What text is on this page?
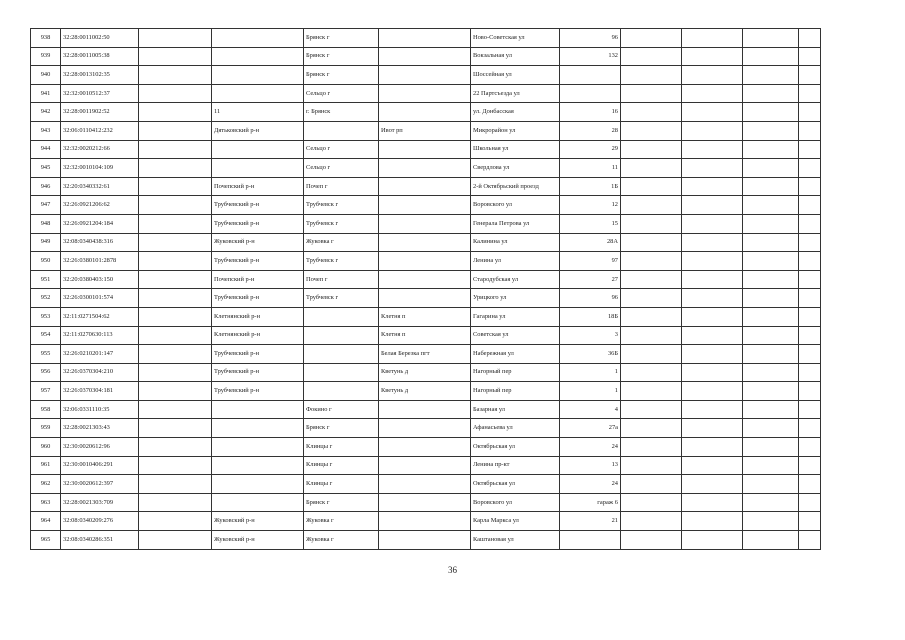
938	32:28:0011002:50			Брянск г		Ново-Советская ул	96				
939	32:28:0011005:38			Брянск г		Вокзальная ул	132				
940	32:28:0013102:35			Брянск г		Шоссейная ул					
941	32:32:0010512:37			Сельцо г		22 Партсъезда ул					
942	32:28:0011902:52		11	г. Брянск		ул. Донбасская	16				
943	32:06:0110412:232		Дятьковский р-н		Ивот рп	Микрорайон ул	28				
944	32:32:0020212:66			Сельцо г		Школьная ул	29				
945	32:32:0010104:109			Сельцо г		Свердлова ул	11				
946	32:20:0340332:61		Почепский р-н	Почеп г		2-й Октябрьский проезд	1Б				
947	32:26:0921206:62		Трубчевский р-н	Трубчевск г		Воровского ул	12				
948	32:26:0921204:184		Трубчевский р-н	Трубчевск г		Генерала Петрова ул	15				
949	32:08:0340438:316		Жуковский р-н	Жуковка г		Калинина ул	28А				
950	32:26:0380101:2878		Трубчевский р-н	Трубчевск г		Ленина ул	97				
951	32:20:0380403:150		Почепский р-н	Почеп г		Стародубская ул	27				
952	32:26:0300101:574		Трубчевский р-н	Трубчевск г		Урицкого ул	96				
953	32:11:0271504:62		Клетнянский р-н		Клетня п	Гагарина ул	18Б				
954	32:11:0270630:113		Клетнянский р-н		Клетня п	Советская ул	3				
955	32:26:0210201:147		Трубчевский р-н		Белая Березка пгт	Набережная ул	36Б				
956	32:26:0370304:210		Трубчевский р-н		Кветунь д	Нагорный пер	1				
957	32:26:0370304:181		Трубчевский р-н		Кветунь д	Нагорный пер	1				
958	32:06:0331110:35			Фокино г		Базарная ул	4				
959	32:28:0021303:43			Брянск г		Афанасьева ул	27а				
960	32:30:0020612:96			Клинцы г		Октябрьская ул	24				
961	32:30:0010406:291			Клинцы г		Ленина пр-кт	13				
962	32:30:0020612:397			Клинцы г		Октябрьская ул	24				
963	32:28:0021303:709			Брянск г		Воровского ул	гараж 6				
964	32:08:0340209:276		Жуковский р-н	Жуковка г		Карла Маркса ул	21				
965	32:08:0340286:351		Жуковский р-н	Жуковка г		Каштановая ул					
36
